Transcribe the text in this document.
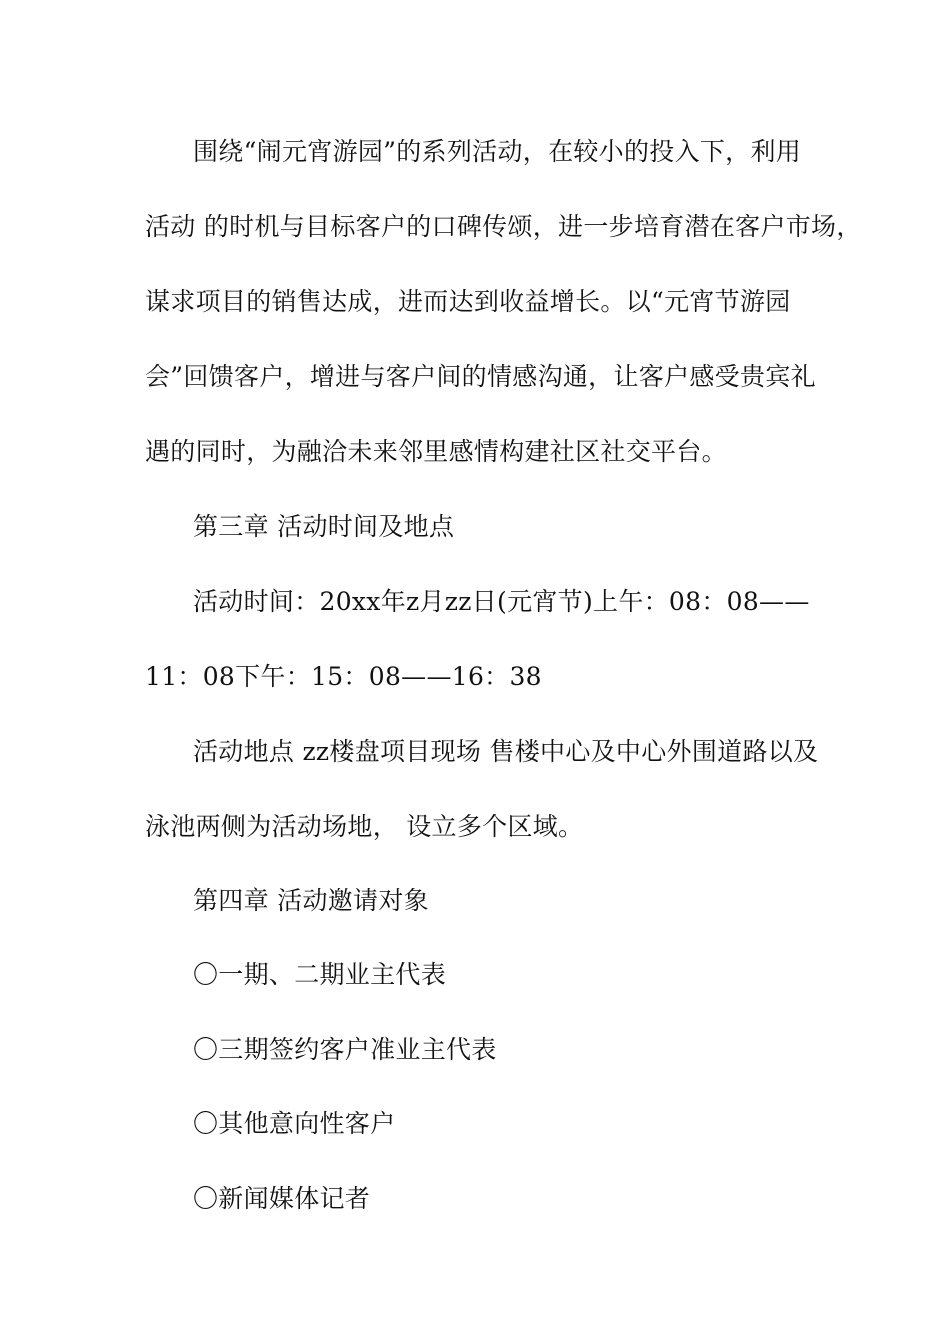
围绕“闹元宵游园”的系列活动，在较小的投入下，利用
活动 的时机与目标客户的口碑传颂，进一步培育潜在客户市场，
谋求项目的销售达成，进而达到收益增长。以“元宵节游园
会”回馈客户，增进与客户间的情感沟通，让客户感受贵宾礼
遇的同时，为融洽未来邻里感情构建社区社交平台。
第三章 活动时间及地点
活动时间：20xx年z月zz日(元宵节)上午：08：08——
11：08下午：15：08——16：38
活动地点 zz楼盘项目现场 售楼中心及中心外围道路以及
泳池两侧为活动场地， 设立多个区域。
第四章 活动邀请对象
〇一期、二期业主代表
〇三期签约客户准业主代表
〇其他意向性客户
〇新闻媒体记者
